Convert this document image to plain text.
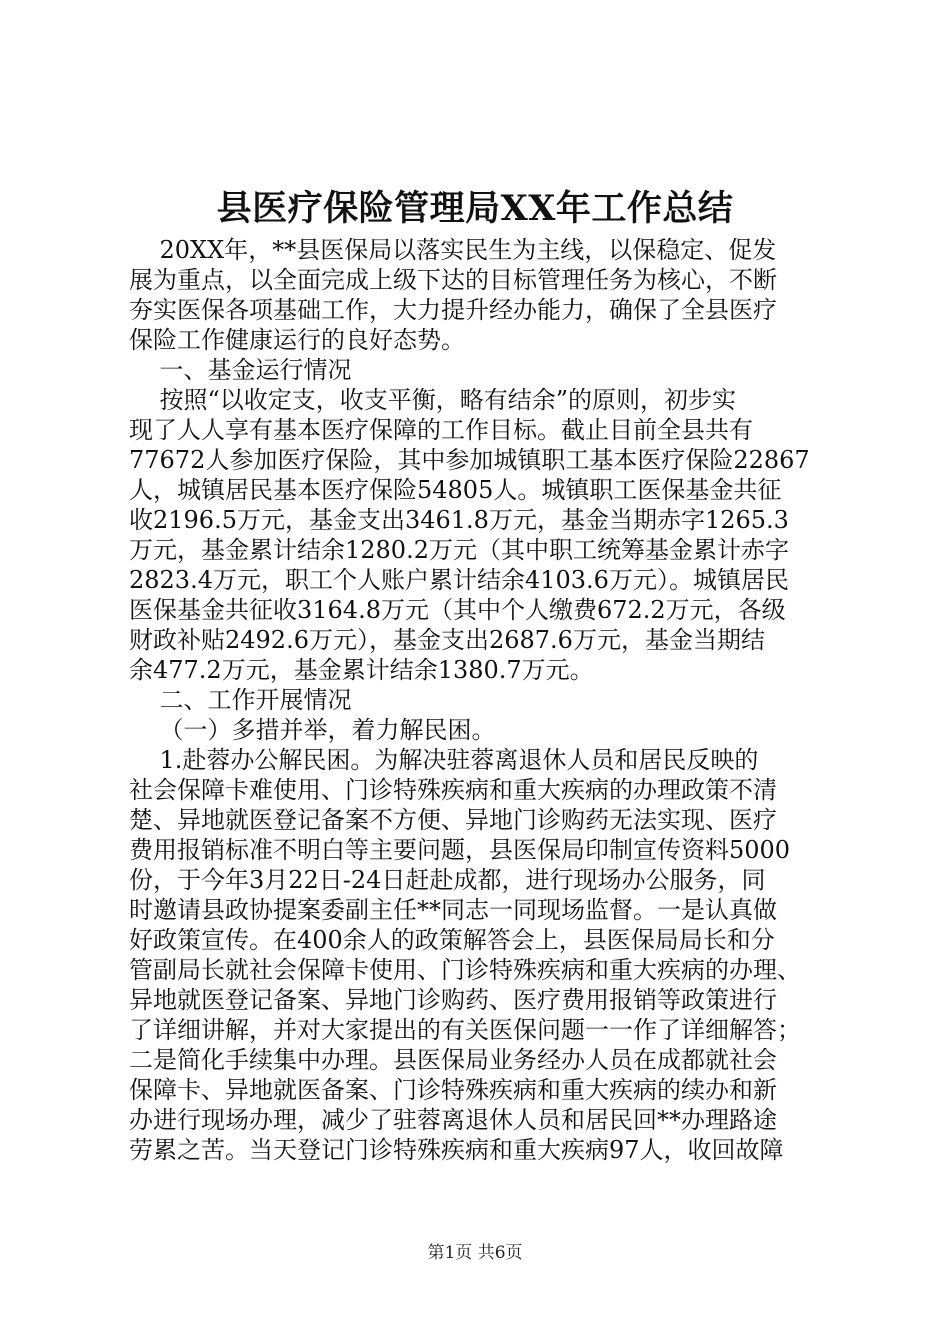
县医疗保险管理局XX年工作总结
20XX年，**县医保局以落实民生为主线，以保稳定、促发
展为重点，以全面完成上级下达的目标管理任务为核心，不断
夯实医保各项基础工作，大力提升经办能力，确保了全县医疗
保险工作健康运行的良好态势。
一、基金运行情况
按照“以收定支，收支平衡，略有结余”的原则，初步实
现了人人享有基本医疗保障的工作目标。截止目前全县共有
77672人参加医疗保险，其中参加城镇职工基本医疗保险22867
人，城镇居民基本医疗保险54805人。城镇职工医保基金共征
收2196.5万元，基金支出3461.8万元，基金当期赤字1265.3
万元，基金累计结余1280.2万元（其中职工统筹基金累计赤字
2823.4万元，职工个人账户累计结余4103.6万元）。城镇居民
医保基金共征收3164.8万元（其中个人缴费672.2万元，各级
财政补贴2492.6万元），基金支出2687.6万元，基金当期结
余477.2万元，基金累计结余1380.7万元。
二、工作开展情况
（一）多措并举，着力解民困。
1.赴蓉办公解民困。为解决驻蓉离退休人员和居民反映的
社会保障卡难使用、门诊特殊疾病和重大疾病的办理政策不清
楚、异地就医登记备案不方便、异地门诊购药无法实现、医疗
费用报销标准不明白等主要问题，县医保局印制宣传资料5000
份，于今年3月22日-24日赶赴成都，进行现场办公服务，同
时邀请县政协提案委副主任**同志一同现场监督。一是认真做
好政策宣传。在400余人的政策解答会上，县医保局局长和分
管副局长就社会保障卡使用、门诊特殊疾病和重大疾病的办理、
异地就医登记备案、异地门诊购药、医疗费用报销等政策进行
了详细讲解，并对大家提出的有关医保问题一一作了详细解答；
二是简化手续集中办理。县医保局业务经办人员在成都就社会
保障卡、异地就医备案、门诊特殊疾病和重大疾病的续办和新
办进行现场办理，减少了驻蓉离退休人员和居民回**办理路途
劳累之苦。当天登记门诊特殊疾病和重大疾病97人，收回故障
第1页 共6页
